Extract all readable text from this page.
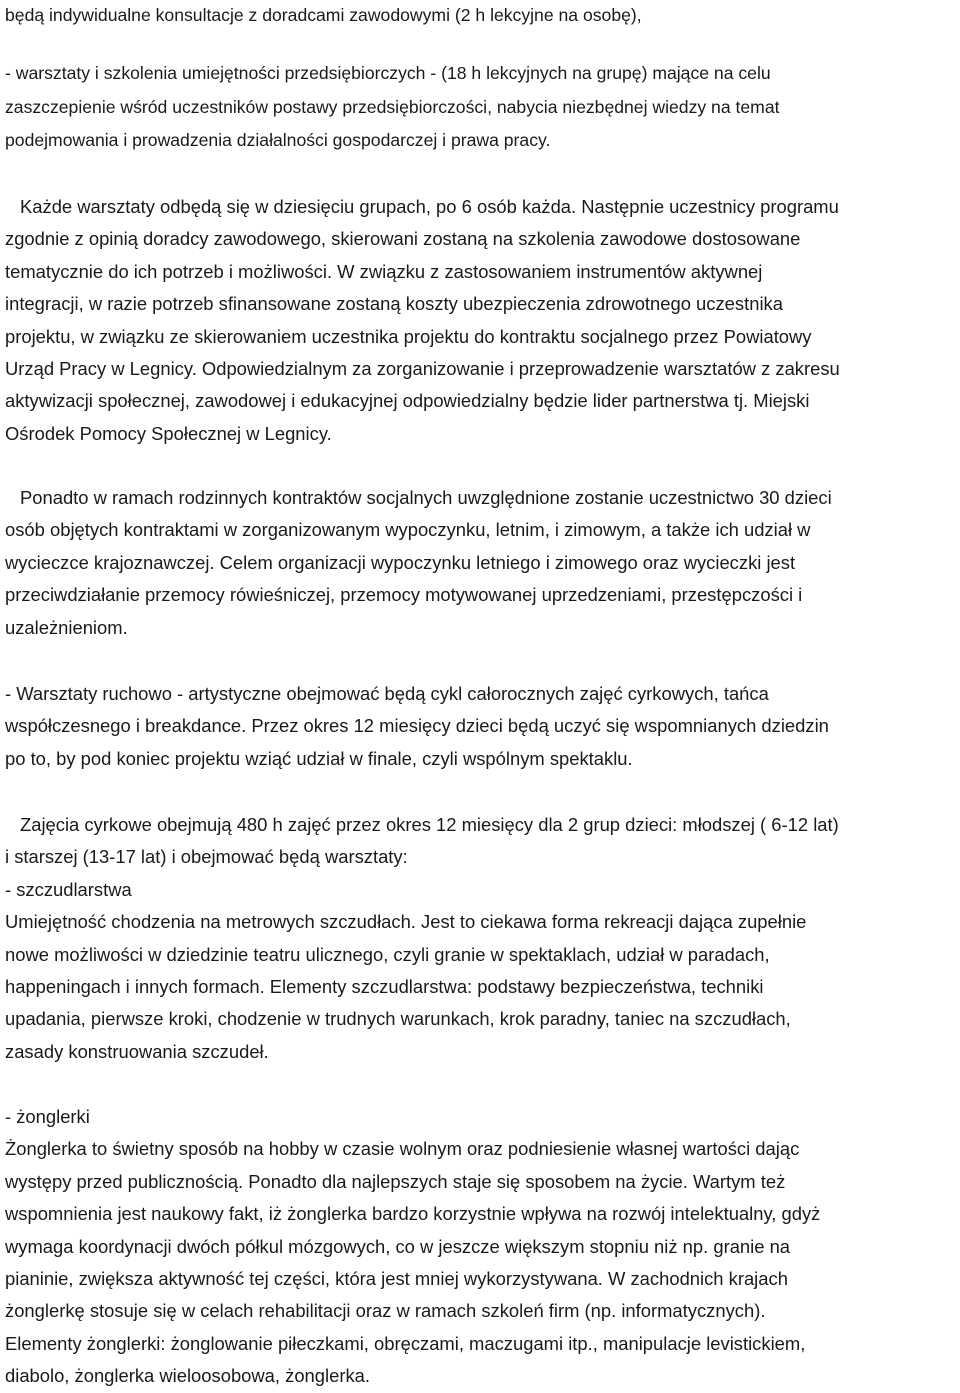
będą indywidualne konsultacje z doradcami zawodowymi (2 h lekcyjne na osobę),

- warsztaty i szkolenia umiejętności przedsiębiorczych - (18 h lekcyjnych na grupę) mające na celu
zaszczepienie wśród uczestników postawy przedsiębiorczości, nabycia niezbędnej wiedzy na temat
podejmowania i prowadzenia działalności gospodarczej i prawa pracy.

Każde warsztaty odbędą się w dziesięciu grupach, po 6 osób każda. Następnie uczestnicy programu
zgodnie z opinią doradcy zawodowego, skierowani zostaną na szkolenia zawodowe dostosowane
tematycznie do ich potrzeb i możliwości. W związku z zastosowaniem instrumentów aktywnej
integracji, w razie potrzeb sfinansowane zostaną koszty ubezpieczenia zdrowotnego uczestnika
projektu, w związku ze skierowaniem uczestnika projektu do kontraktu socjalnego przez Powiatowy
Urząd Pracy w Legnicy. Odpowiedzialnym za zorganizowanie i przeprowadzenie warsztatów z zakresu
aktywizacji społecznej, zawodowej i edukacyjnej odpowiedzialny będzie lider partnerstwa tj. Miejski
Ośrodek Pomocy Społecznej w Legnicy.

Ponadto w ramach rodzinnych kontraktów socjalnych uwzględnione zostanie uczestnictwo 30 dzieci
osób objętych kontraktami w zorganizowanym wypoczynku, letnim, i zimowym, a także ich udział w
wycieczce krajoznawczej. Celem organizacji wypoczynku letniego i zimowego oraz wycieczki jest
przeciwdziałanie przemocy rówieśniczej, przemocy motywowanej uprzedzeniami, przestępczości i
uzależnieniom.

- Warsztaty ruchowo - artystyczne obejmować będą cykl całorocznych zajęć cyrkowych, tańca
współczesnego i breakdance. Przez okres 12 miesięcy dzieci będą uczyć się wspomnianych dziedzin
po to, by pod koniec projektu wziąć udział w finale, czyli wspólnym spektaklu.

Zajęcia cyrkowe obejmują 480 h zajęć przez okres 12 miesięcy dla 2 grup dzieci: młodszej ( 6-12 lat)
i starszej (13-17 lat) i obejmować będą warsztaty:
- szczudlarstwa
Umiejętność chodzenia na metrowych szczudłach. Jest to ciekawa forma rekreacji dająca zupełnie
nowe możliwości w dziedzinie teatru ulicznego, czyli granie w spektaklach, udział w paradach,
happeningach i innych formach. Elementy szczudlarstwa: podstawy bezpieczeństwa, techniki
upadania, pierwsze kroki, chodzenie w trudnych warunkach, krok paradny, taniec na szczudłach,
zasady konstruowania szczudeł.

- żonglerki
Żonglerka to świetny sposób na hobby w czasie wolnym oraz podniesienie własnej wartości dając
występy przed publicznością. Ponadto dla najlepszych staje się sposobem na życie. Wartym też
wspomnienia jest naukowy fakt, iż żonglerka bardzo korzystnie wpływa na rozwój intelektualny, gdyż
wymaga koordynacji dwóch półkul mózgowych, co w jeszcze większym stopniu niż np. granie na
pianinie, zwiększa aktywność tej części, która jest mniej wykorzystywana. W zachodnich krajach
żonglerkę stosuje się w celach rehabilitacji oraz w ramach szkoleń firm (np. informatycznych).
Elementy żonglerki: żonglowanie piłeczkami, obręczami, maczugami itp., manipulacje levistickiem,
diabolo, żonglerka wieloosobowa, żonglerka.
